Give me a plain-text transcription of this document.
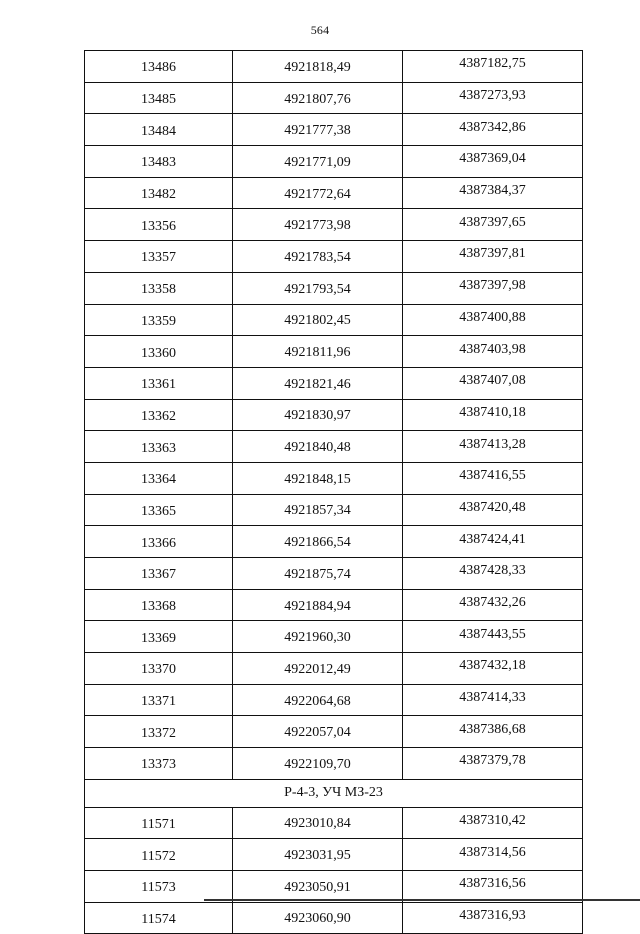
564
13486	4921818,49	4387182,75
13485	4921807,76	4387273,93
13484	4921777,38	4387342,86
13483	4921771,09	4387369,04
13482	4921772,64	4387384,37
13356	4921773,98	4387397,65
13357	4921783,54	4387397,81
13358	4921793,54	4387397,98
13359	4921802,45	4387400,88
13360	4921811,96	4387403,98
13361	4921821,46	4387407,08
13362	4921830,97	4387410,18
13363	4921840,48	4387413,28
13364	4921848,15	4387416,55
13365	4921857,34	4387420,48
13366	4921866,54	4387424,41
13367	4921875,74	4387428,33
13368	4921884,94	4387432,26
13369	4921960,30	4387443,55
13370	4922012,49	4387432,18
13371	4922064,68	4387414,33
13372	4922057,04	4387386,68
13373	4922109,70	4387379,78
Р-4-3, УЧ МЗ-23		
11571	4923010,84	4387310,42
11572	4923031,95	4387314,56
11573	4923050,91	4387316,56
11574	4923060,90	4387316,93
